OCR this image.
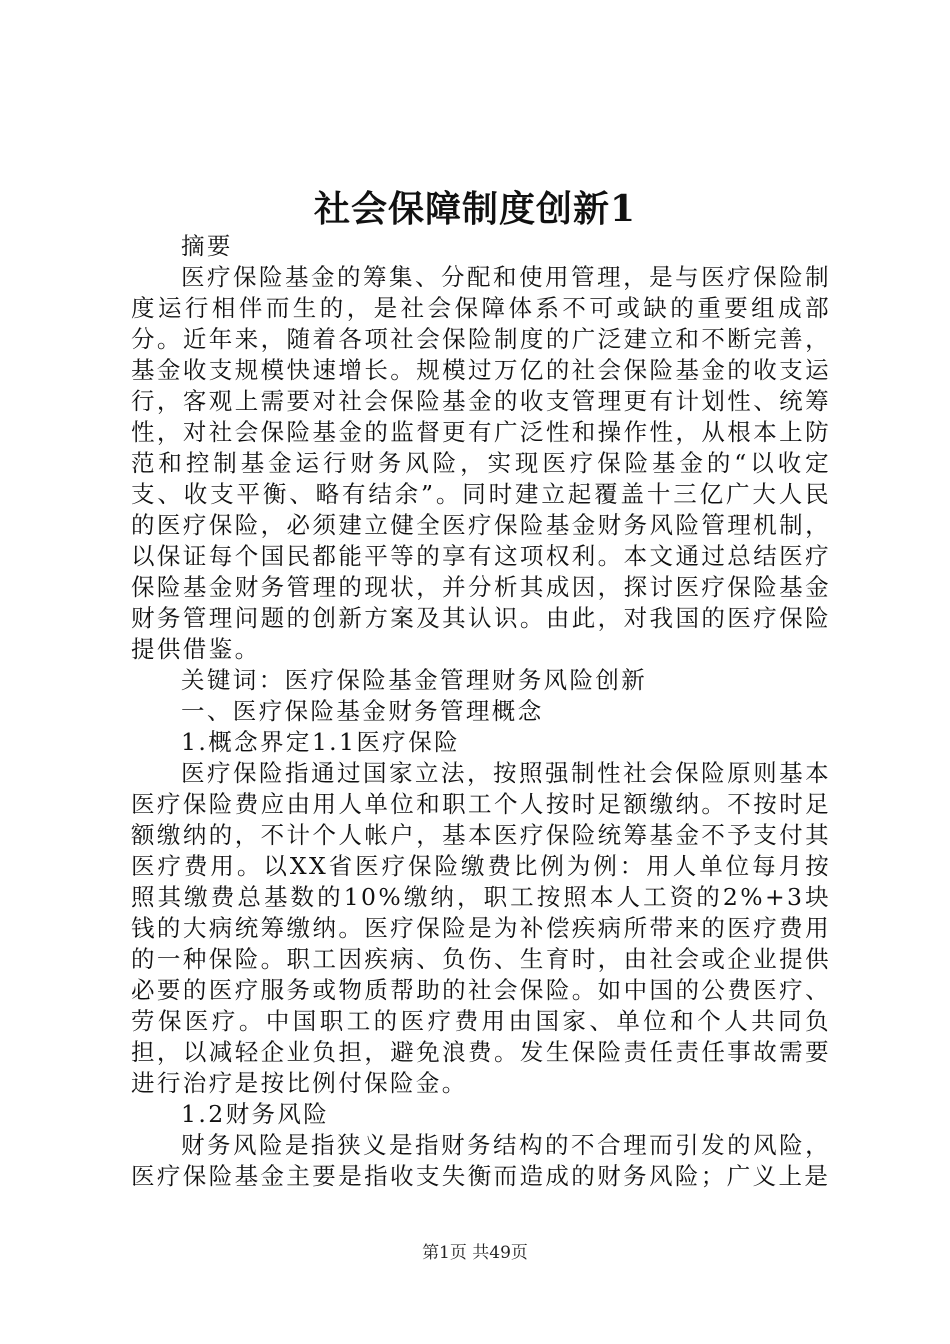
社会保障制度创新1

摘要

医疗保险基金的筹集、分配和使用管理，是与医疗保险制度运行相伴而生的，是社会保障体系不可或缺的重要组成部分。近年来，随着各项社会保险制度的广泛建立和不断完善，基金收支规模快速增长。规模过万亿的社会保险基金的收支运行，客观上需要对社会保险基金的收支管理更有计划性、统筹性，对社会保险基金的监督更有广泛性和操作性，从根本上防范和控制基金运行财务风险，实现医疗保险基金的“以收定支、收支平衡、略有结余”。同时建立起覆盖十三亿广大人民的医疗保险，必须建立健全医疗保险基金财务风险管理机制，以保证每个国民都能平等的享有这项权利。本文通过总结医疗保险基金财务管理的现状，并分析其成因，探讨医疗保险基金财务管理问题的创新方案及其认识。由此，对我国的医疗保险提供借鉴。

关键词：医疗保险基金管理财务风险创新

一、医疗保险基金财务管理概念

1.概念界定1.1医疗保险

医疗保险指通过国家立法，按照强制性社会保险原则基本医疗保险费应由用人单位和职工个人按时足额缴纳。不按时足额缴纳的，不计个人帐户，基本医疗保险统筹基金不予支付其医疗费用。以XX省医疗保险缴费比例为例：用人单位每月按照其缴费总基数的10%缴纳，职工按照本人工资的2%+3块钱的大病统筹缴纳。医疗保险是为补偿疾病所带来的医疗费用的一种保险。职工因疾病、负伤、生育时，由社会或企业提供必要的医疗服务或物质帮助的社会保险。如中国的公费医疗、劳保医疗。中国职工的医疗费用由国家、单位和个人共同负担，以减轻企业负担，避免浪费。发生保险责任责任事故需要进行治疗是按比例付保险金。

1.2财务风险

财务风险是指狭义是指财务结构的不合理而引发的风险，医疗保险基金主要是指收支失衡而造成的财务风险；广义上是

第1页 共49页
